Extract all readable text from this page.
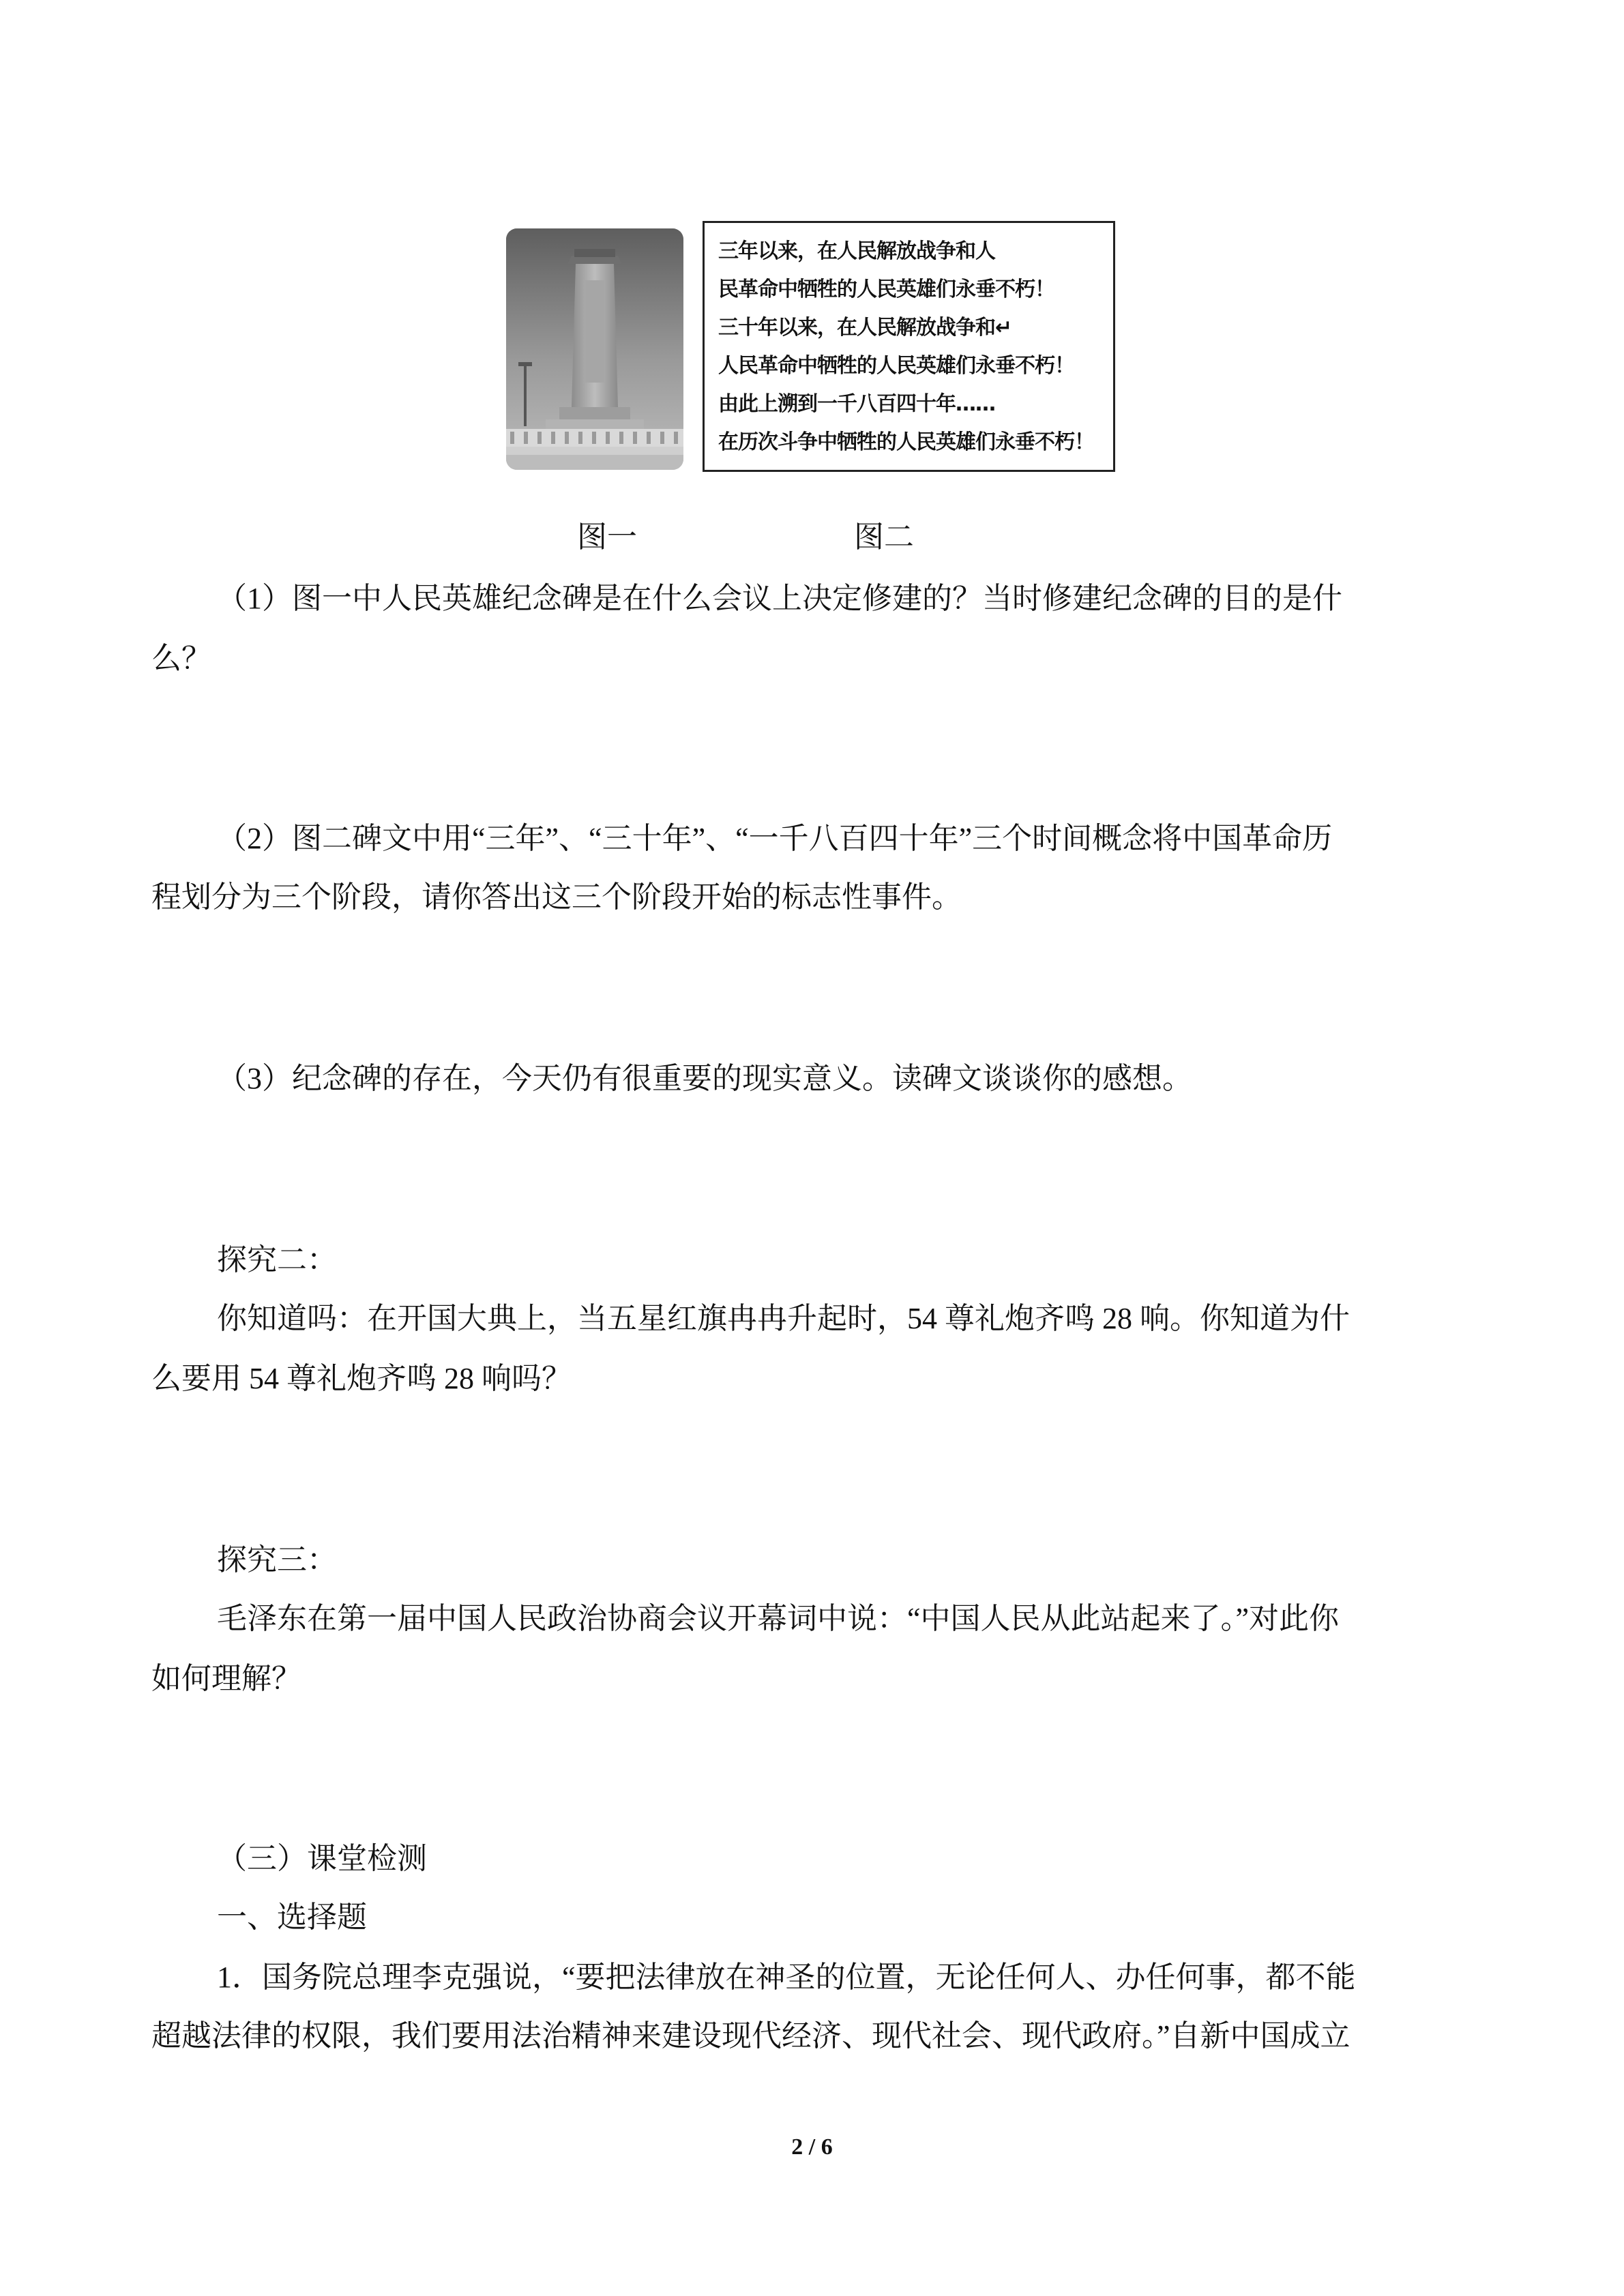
三年以来，在人民解放战争和人
民革命中牺牲的人民英雄们永垂不朽！
三十年以来，在人民解放战争和↵
人民革命中牺牲的人民英雄们永垂不朽！
由此上溯到一千八百四十年……
在历次斗争中牺牲的人民英雄们永垂不朽！
图一	图二
（1）图一中人民英雄纪念碑是在什么会议上决定修建的？当时修建纪念碑的目的是什
么？
（2）图二碑文中用“三年”、“三十年”、“一千八百四十年”三个时间概念将中国革命历
程划分为三个阶段，请你答出这三个阶段开始的标志性事件。
（3）纪念碑的存在，今天仍有很重要的现实意义。读碑文谈谈你的感想。
探究二：
你知道吗：在开国大典上，当五星红旗冉冉升起时，54 尊礼炮齐鸣 28 响。你知道为什
么要用 54 尊礼炮齐鸣 28 响吗？
探究三：
毛泽东在第一届中国人民政治协商会议开幕词中说：“中国人民从此站起来了。”对此你
如何理解？
（三）课堂检测
一、选择题
1．国务院总理李克强说，“要把法律放在神圣的位置，无论任何人、办任何事，都不能
超越法律的权限，我们要用法治精神来建设现代经济、现代社会、现代政府。”自新中国成立
2 / 6
